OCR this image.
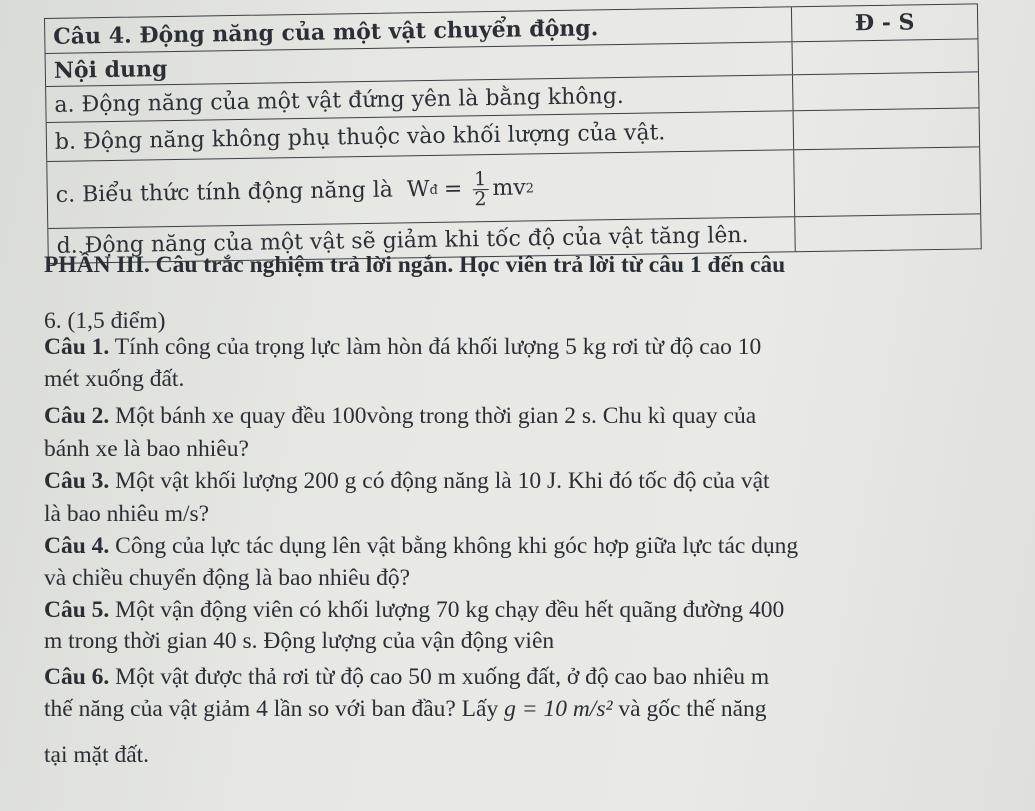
Câu 4. Động năng của một vật chuyển động.	Đ - S
Nội dung
a. Động năng của một vật đứng yên là bằng không.
b. Động năng không phụ thuộc vào khối lượng của vật.
c. Biểu thức tính động năng là W đ = $\frac{1}{2}$ mv 2
d. Động năng của một vật sẽ giảm khi tốc độ của vật tăng lên.
PHẦN III. Câu trắc nghiệm trả lời ngắn. Học viên trả lời từ câu 1 đến câu
6. (1,5 điểm)
Câu 1. Tính công của trọng lực làm hòn đá khối lượng 5 kg rơi từ độ cao 10
mét xuống đất.
Câu 2. Một bánh xe quay đều 100vòng trong thời gian 2 s. Chu kì quay của
bánh xe là bao nhiêu?
Câu 3. Một vật khối lượng 200 g có động năng là 10 J. Khi đó tốc độ của vật
là bao nhiêu m/s?
Câu 4. Công của lực tác dụng lên vật bằng không khi góc hợp giữa lực tác dụng
và chiều chuyển động là bao nhiêu độ?
Câu 5. Một vận động viên có khối lượng 70 kg chạy đều hết quãng đường 400
m trong thời gian 40 s. Động lượng của vận động viên
Câu 6. Một vật được thả rơi từ độ cao 50 m xuống đất, ở độ cao bao nhiêu m
thế năng của vật giảm 4 lần so với ban đầu? Lấy g = 10 m/s² và gốc thế năng
tại mặt đất.
